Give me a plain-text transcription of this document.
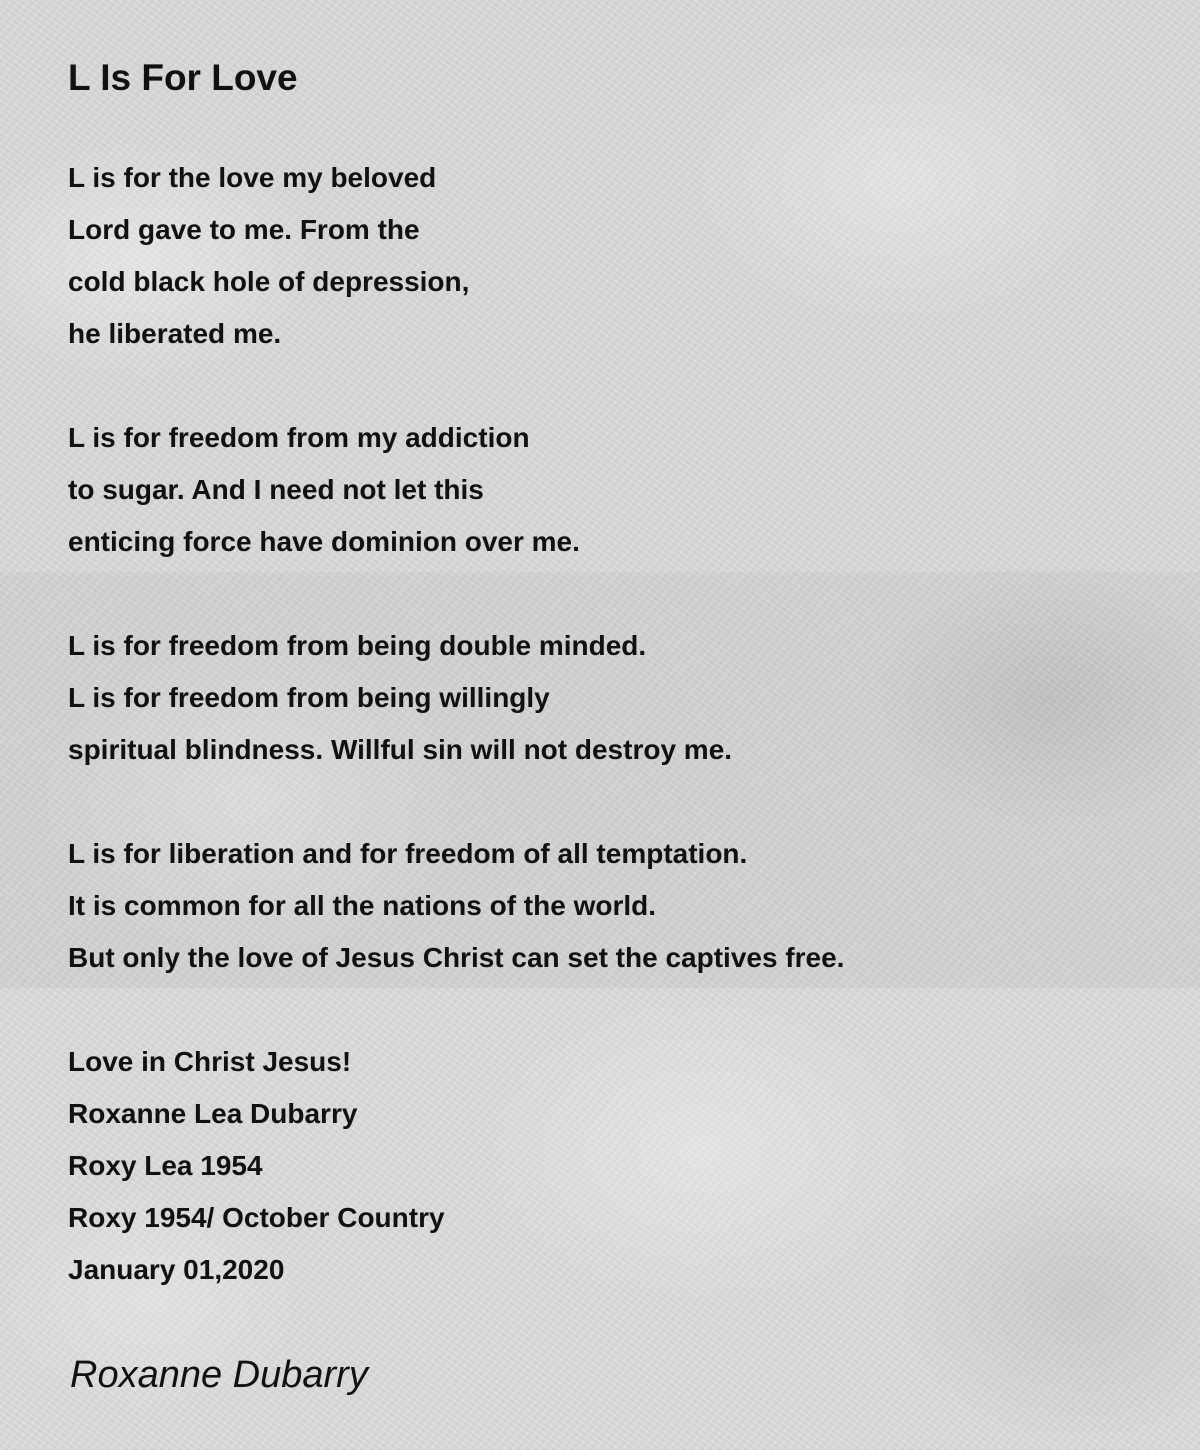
L Is For Love
L is for the love my beloved
Lord gave to me. From the
cold black hole of depression,
he liberated me.
L is for freedom from my addiction
to sugar. And I need not let this
enticing force have dominion over me.
L is for freedom from being double minded.
L is for freedom from being willingly
spiritual blindness. Willful sin will not destroy me.
L is for liberation and for freedom of all temptation.
It is common for all the nations of the world.
But only the love of Jesus Christ can set the captives free.
Love in Christ Jesus!
Roxanne Lea Dubarry
Roxy Lea 1954
Roxy 1954/ October Country
January 01,2020
Roxanne Dubarry
